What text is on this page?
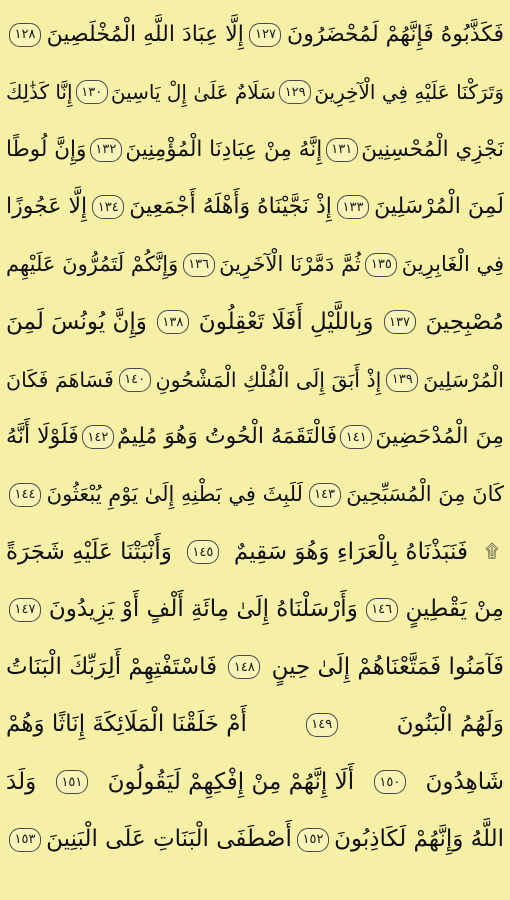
فَكَذَّبُوهُ فَإِنَّهُمْ لَمُحْضَرُونَ
١٢٧
إِلَّا عِبَادَ اللَّهِ الْمُخْلَصِينَ
١٢٨
وَتَرَكْنَا عَلَيْهِ فِي الْآخِرِينَ
١٢٩
سَلَامٌ عَلَىٰ إِلْ يَاسِينَ
١٣٠
إِنَّا كَذَٰلِكَ
نَجْزِي الْمُحْسِنِينَ
١٣١
إِنَّهُ مِنْ عِبَادِنَا الْمُؤْمِنِينَ
١٣٢
وَإِنَّ لُوطًا
لَمِنَ الْمُرْسَلِينَ
١٣٣
إِذْ نَجَّيْنَاهُ وَأَهْلَهُ أَجْمَعِينَ
١٣٤
إِلَّا عَجُوزًا
فِي الْغَابِرِينَ
١٣٥
ثُمَّ دَمَّرْنَا الْآخَرِينَ
١٣٦
وَإِنَّكُمْ لَتَمُرُّونَ عَلَيْهِم
مُصْبِحِينَ
١٣٧
وَبِاللَّيْلِ أَفَلَا تَعْقِلُونَ
١٣٨
وَإِنَّ يُونُسَ لَمِنَ
الْمُرْسَلِينَ
١٣٩
إِذْ أَبَقَ إِلَى الْفُلْكِ الْمَشْحُونِ
١٤٠
فَسَاهَمَ فَكَانَ
مِنَ الْمُدْحَضِينَ
١٤١
فَالْتَقَمَهُ الْحُوتُ وَهُوَ مُلِيمٌ
١٤٢
فَلَوْلَا أَنَّهُ
كَانَ مِنَ الْمُسَبِّحِينَ
١٤٣
لَلَبِثَ فِي بَطْنِهِ إِلَىٰ يَوْمِ يُبْعَثُونَ
١٤٤
۩
فَنَبَذْنَاهُ بِالْعَرَاءِ وَهُوَ سَقِيمٌ
١٤٥
وَأَنْبَتْنَا عَلَيْهِ شَجَرَةً
مِنْ يَقْطِينٍ
١٤٦
وَأَرْسَلْنَاهُ إِلَىٰ مِائَةِ أَلْفٍ أَوْ يَزِيدُونَ
١٤٧
فَآمَنُوا فَمَتَّعْنَاهُمْ إِلَىٰ حِينٍ
١٤٨
فَاسْتَفْتِهِمْ أَلِرَبِّكَ الْبَنَاتُ
وَلَهُمُ الْبَنُونَ
١٤٩
أَمْ خَلَقْنَا الْمَلَائِكَةَ إِنَاثًا وَهُمْ
شَاهِدُونَ
١٥٠
أَلَا إِنَّهُمْ مِنْ إِفْكِهِمْ لَيَقُولُونَ
١٥١
وَلَدَ
اللَّهُ وَإِنَّهُمْ لَكَاذِبُونَ
١٥٢
أَصْطَفَى الْبَنَاتِ عَلَى الْبَنِينَ
١٥٣
